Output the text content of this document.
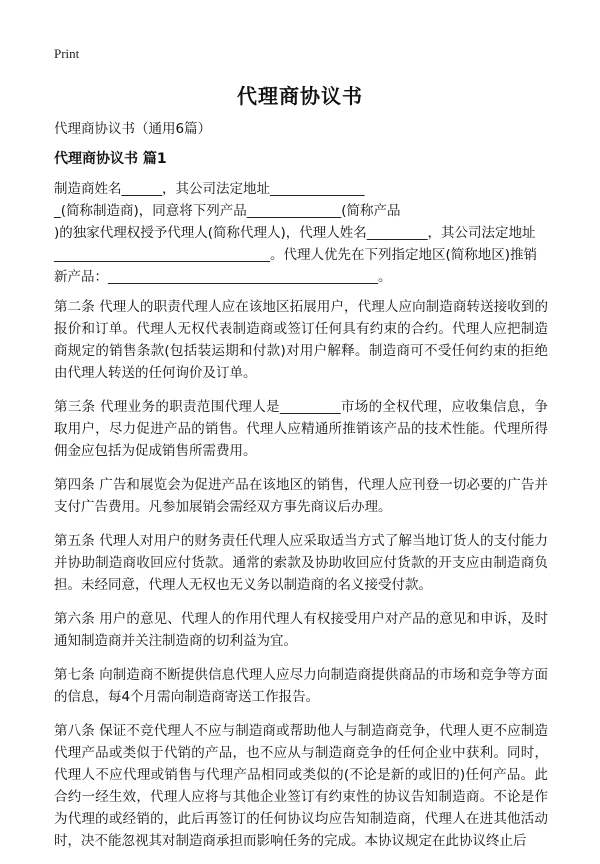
Print
代理商协议书

代理商协议书（通用6篇）

代理商协议书 篇1

制造商姓名______，其公司法定地址______________
_(简称制造商)，同意将下列产品______________(简称产品
)的独家代理权授予代理人(简称代理人)，代理人姓名_________，其公司法定地址
________________________________。代理人优先在下列指定地区(简称地区)推销
新产品：________________________________________。

第二条 代理人的职责代理人应在该地区拓展用户，代理人应向制造商转送接收到的报价和订单。代理人无权代表制造商或签订任何具有约束的合约。代理人应把制造商规定的销售条款(包括装运期和付款)对用户解释。制造商可不受任何约束的拒绝由代理人转送的任何询价及订单。

第三条 代理业务的职责范围代理人是_________市场的全权代理，应收集信息，争取用户，尽力促进产品的销售。代理人应精通所推销该产品的技术性能。代理所得佣金应包括为促成销售所需费用。

第四条 广告和展览会为促进产品在该地区的销售，代理人应刊登一切必要的广告并支付广告费用。凡参加展销会需经双方事先商议后办理。

第五条 代理人对用户的财务责任代理人应采取适当方式了解当地订货人的支付能力并协助制造商收回应付货款。通常的索款及协助收回应付货款的开支应由制造商负担。未经同意，代理人无权也无义务以制造商的名义接受付款。

第六条 用户的意见、代理人的作用代理人有权接受用户对产品的意见和申诉，及时通知制造商并关注制造商的切利益为宜。

第七条 向制造商不断提供信息代理人应尽力向制造商提供商品的市场和竞争等方面的信息，每4个月需向制造商寄送工作报告。

第八条 保证不竞代理人不应与制造商或帮助他人与制造商竞争，代理人更不应制造代理产品或类似于代销的产品，也不应从与制造商竞争的任何企业中获利。同时，代理人不应代理或销售与代理产品相同或类似的(不论是新的或旧的)任何产品。此合约一经生效，代理人应将与其他企业签订有约束性的协议告知制造商。不论是作为代理的或经销的，此后再签订的任何协议均应告知制造商，代理人在进其他活动时，决不能忽视其对制造商承担而影响任务的完成。本协议规定在此协议终止后
